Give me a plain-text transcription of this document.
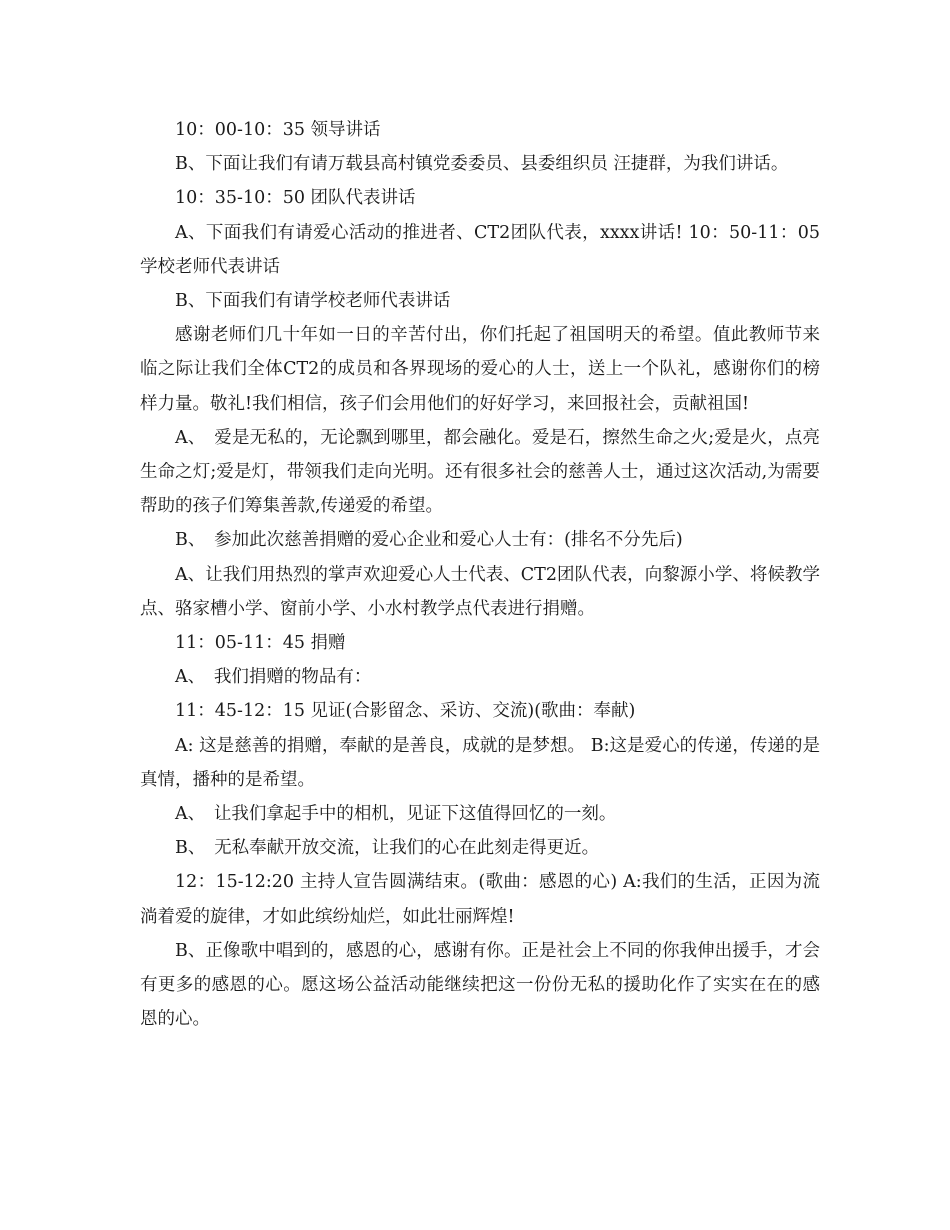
10：00-10：35 领导讲话

B、下面让我们有请万载县高村镇党委委员、县委组织员 汪捷群，为我们讲话。

10：35-10：50 团队代表讲话

A、下面我们有请爱心活动的推进者、CT2团队代表，xxxx讲话! 10：50-11：05 学校老师代表讲话

B、下面我们有请学校老师代表讲话

感谢老师们几十年如一日的辛苦付出，你们托起了祖国明天的希望。值此教师节来临之际让我们全体CT2的成员和各界现场的爱心的人士，送上一个队礼，感谢你们的榜样力量。敬礼!我们相信，孩子们会用他们的好好学习，来回报社会，贡献祖国!

A、　爱是无私的，无论飘到哪里，都会融化。爱是石，擦然生命之火;爱是火，点亮生命之灯;爱是灯，带领我们走向光明。还有很多社会的慈善人士，通过这次活动,为需要帮助的孩子们筹集善款,传递爱的希望。

B、　参加此次慈善捐赠的爱心企业和爱心人士有：(排名不分先后)

A、让我们用热烈的掌声欢迎爱心人士代表、CT2团队代表，向黎源小学、将候教学点、骆家槽小学、窗前小学、小水村教学点代表进行捐赠。

11：05-11：45 捐赠

A、　我们捐赠的物品有：

11：45-12：15 见证(合影留念、采访、交流)(歌曲：奉献)

A: 这是慈善的捐赠，奉献的是善良，成就的是梦想。 B:这是爱心的传递，传递的是真情，播种的是希望。

A、　让我们拿起手中的相机，见证下这值得回忆的一刻。

B、　无私奉献开放交流，让我们的心在此刻走得更近。

12：15-12:20 主持人宣告圆满结束。(歌曲：感恩的心) A:我们的生活，正因为流淌着爱的旋律，才如此缤纷灿烂，如此壮丽辉煌!

B、正像歌中唱到的，感恩的心，感谢有你。正是社会上不同的你我伸出援手，才会有更多的感恩的心。愿这场公益活动能继续把这一份份无私的援助化作了实实在在的感恩的心。
